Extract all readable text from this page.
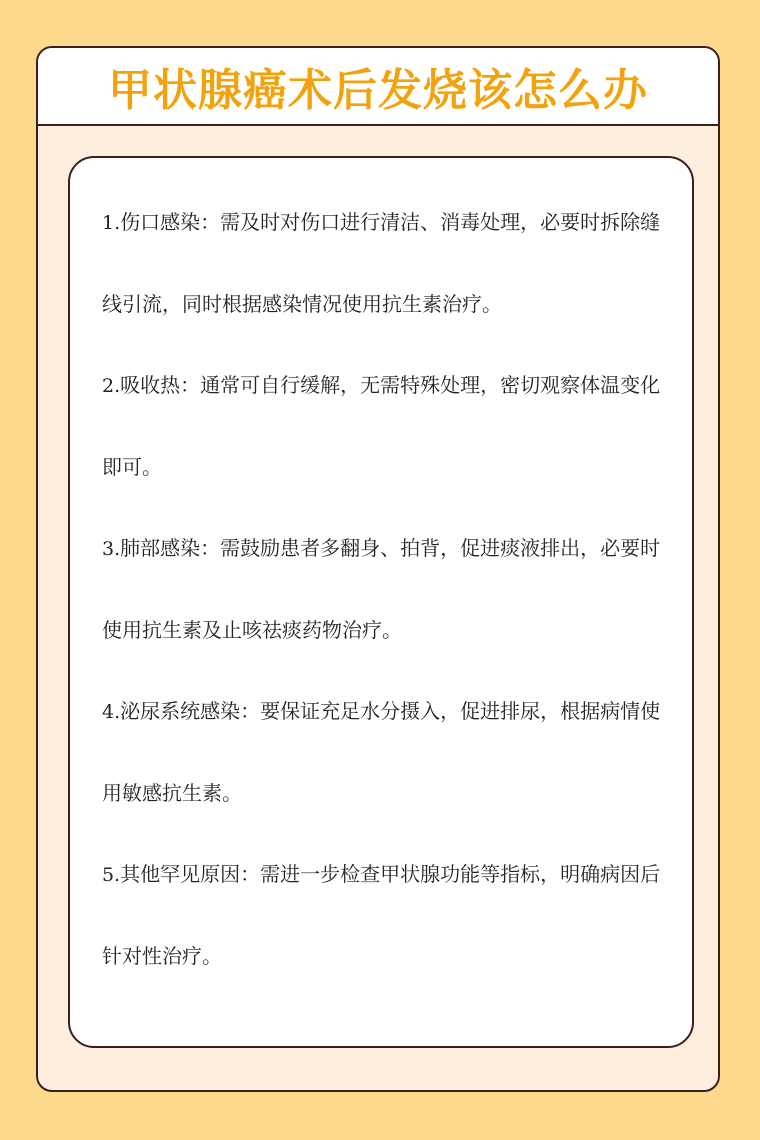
甲状腺癌术后发烧该怎么办

1.伤口感染：需及时对伤口进行清洁、消毒处理，必要时拆除缝线引流，同时根据感染情况使用抗生素治疗。

2.吸收热：通常可自行缓解，无需特殊处理，密切观察体温变化即可。

3.肺部感染：需鼓励患者多翻身、拍背，促进痰液排出，必要时使用抗生素及止咳祛痰药物治疗。

4.泌尿系统感染：要保证充足水分摄入，促进排尿，根据病情使用敏感抗生素。

5.其他罕见原因：需进一步检查甲状腺功能等指标，明确病因后针对性治疗。
